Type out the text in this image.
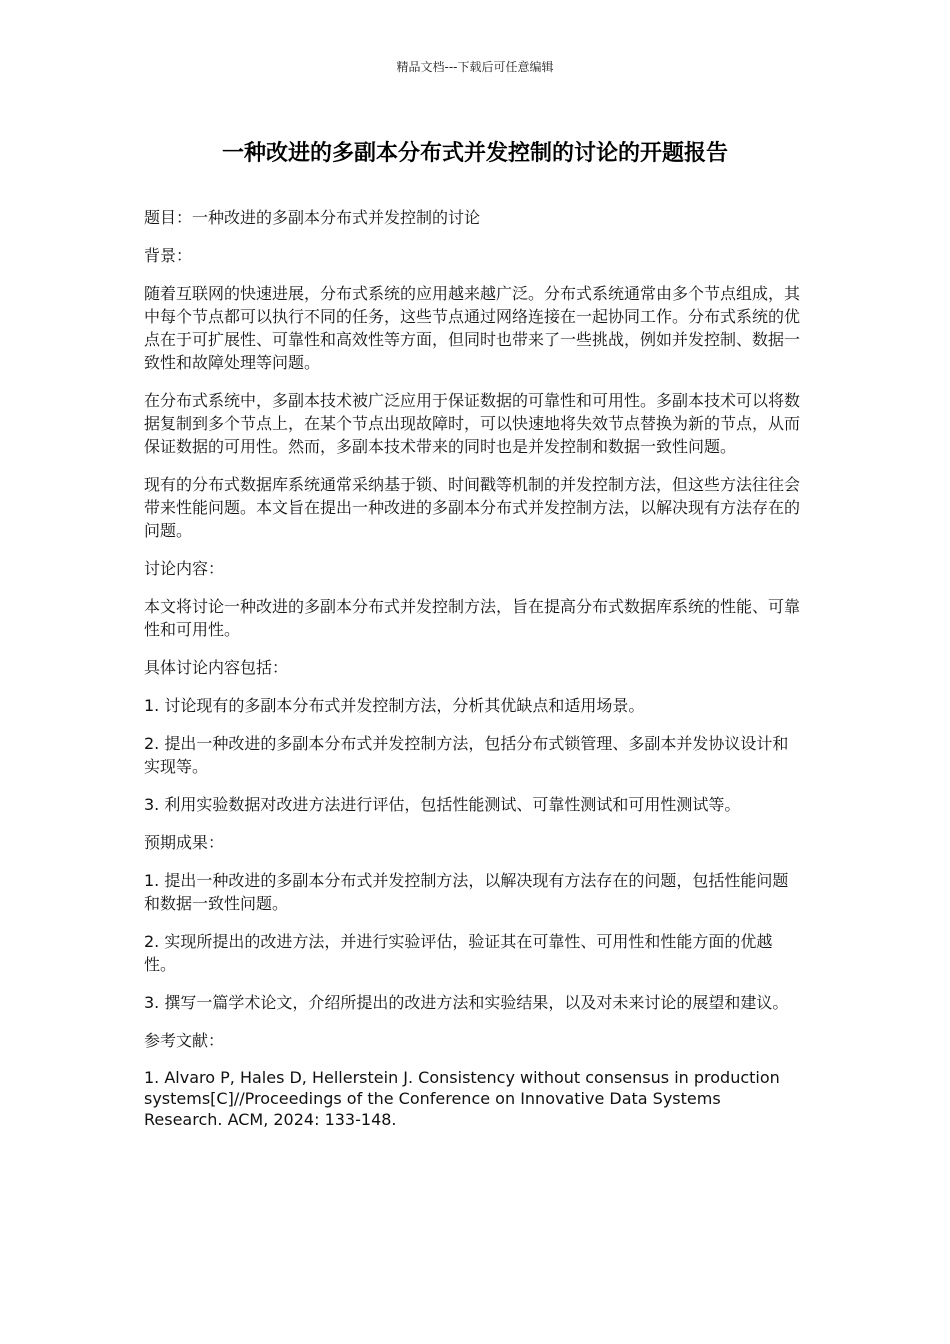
精品文档---下载后可任意编辑
一种改进的多副本分布式并发控制的讨论的开题报告

题目：一种改进的多副本分布式并发控制的讨论

背景：

随着互联网的快速进展，分布式系统的应用越来越广泛。分布式系统通常由多个节点组成，其中每个节点都可以执行不同的任务，这些节点通过网络连接在一起协同工作。分布式系统的优点在于可扩展性、可靠性和高效性等方面，但同时也带来了一些挑战，例如并发控制、数据一致性和故障处理等问题。

在分布式系统中，多副本技术被广泛应用于保证数据的可靠性和可用性。多副本技术可以将数据复制到多个节点上，在某个节点出现故障时，可以快速地将失效节点替换为新的节点，从而保证数据的可用性。然而，多副本技术带来的同时也是并发控制和数据一致性问题。

现有的分布式数据库系统通常采纳基于锁、时间戳等机制的并发控制方法，但这些方法往往会带来性能问题。本文旨在提出一种改进的多副本分布式并发控制方法，以解决现有方法存在的问题。

讨论内容：

本文将讨论一种改进的多副本分布式并发控制方法，旨在提高分布式数据库系统的性能、可靠性和可用性。

具体讨论内容包括：

1. 讨论现有的多副本分布式并发控制方法，分析其优缺点和适用场景。

2. 提出一种改进的多副本分布式并发控制方法，包括分布式锁管理、多副本并发协议设计和实现等。

3. 利用实验数据对改进方法进行评估，包括性能测试、可靠性测试和可用性测试等。

预期成果：

1. 提出一种改进的多副本分布式并发控制方法，以解决现有方法存在的问题，包括性能问题和数据一致性问题。

2. 实现所提出的改进方法，并进行实验评估，验证其在可靠性、可用性和性能方面的优越性。

3. 撰写一篇学术论文，介绍所提出的改进方法和实验结果，以及对未来讨论的展望和建议。

参考文献：

1. Alvaro P, Hales D, Hellerstein J. Consistency without consensus in production systems[C]//Proceedings of the Conference on Innovative Data Systems Research. ACM, 2024: 133-148.
